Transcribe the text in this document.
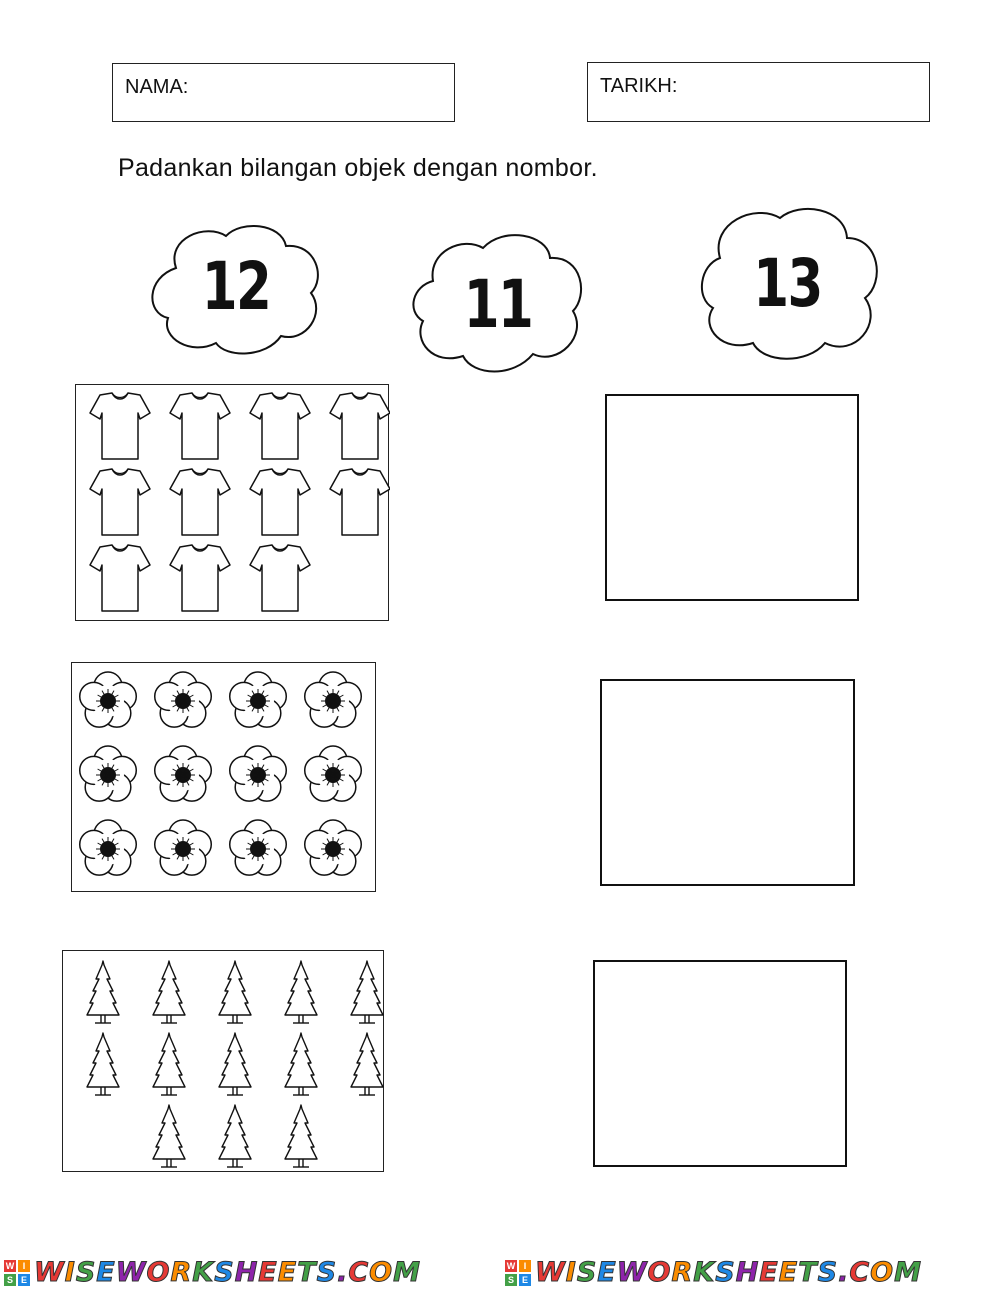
NAMA:	TARIKH:
Padankan bilangan objek dengan nombor.
12	11	13
W I
S E WISEWORKSHEETS.COM	W I
S E WISEWORKSHEETS.COM
